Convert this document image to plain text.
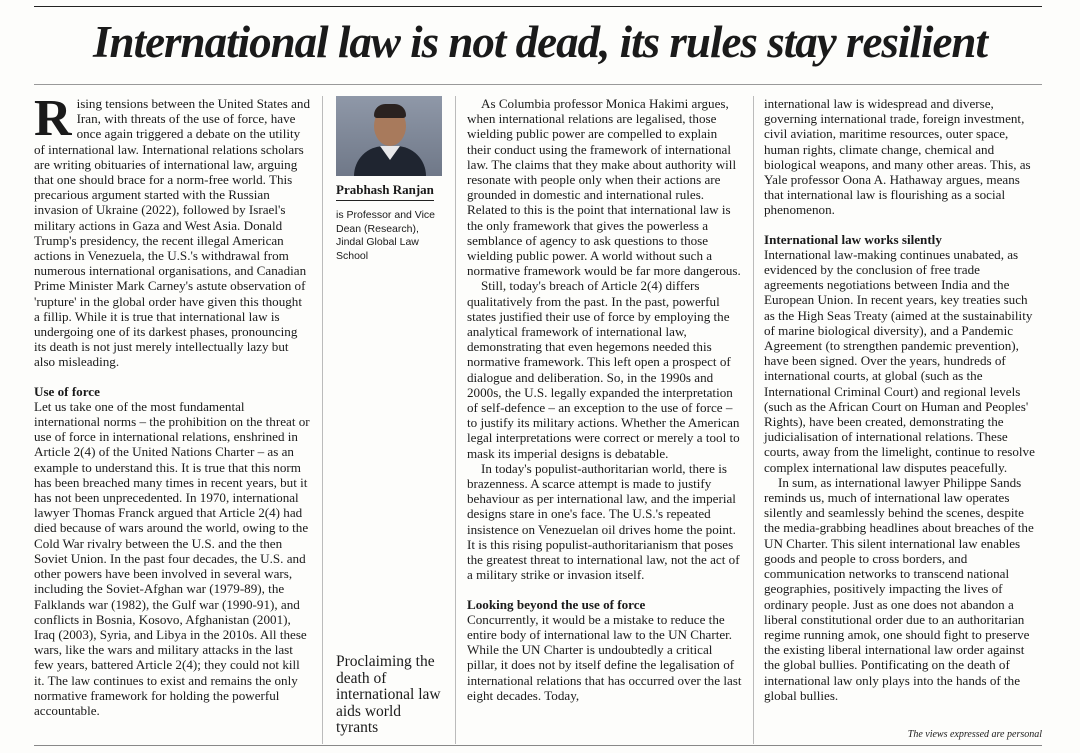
International law is not dead, its rules stay resilient

Rising tensions between the United States and Iran, with threats of the use of force, have once again triggered a debate on the utility of international law. International relations scholars are writing obituaries of international law, arguing that one should brace for a norm-free world. This precarious argument started with the Russian invasion of Ukraine (2022), followed by Israel's military actions in Gaza and West Asia. Donald Trump's presidency, the recent illegal American actions in Venezuela, the U.S.'s withdrawal from numerous international organisations, and Canadian Prime Minister Mark Carney's astute observation of 'rupture' in the global order have given this thought a fillip. While it is true that international law is undergoing one of its darkest phases, pronouncing its death is not just merely intellectually lazy but also misleading.

Use of force

Let us take one of the most fundamental international norms – the prohibition on the threat or use of force in international relations, enshrined in Article 2(4) of the United Nations Charter – as an example to understand this. It is true that this norm has been breached many times in recent years, but it has not been unprecedented. In 1970, international lawyer Thomas Franck argued that Article 2(4) had died because of wars around the world, owing to the Cold War rivalry between the U.S. and the then Soviet Union. In the past four decades, the U.S. and other powers have been involved in several wars, including the Soviet-Afghan war (1979-89), the Falklands war (1982), the Gulf war (1990-91), and conflicts in Bosnia, Kosovo, Afghanistan (2001), Iraq (2003), Syria, and Libya in the 2010s. All these wars, like the wars and military attacks in the last few years, battered Article 2(4); they could not kill it. The law continues to exist and remains the only normative framework for holding the powerful accountable.

Prabhash Ranjan
is Professor and Vice Dean (Research), Jindal Global Law School
Proclaiming the death of international law aids world tyrants

As Columbia professor Monica Hakimi argues, when international relations are legalised, those wielding public power are compelled to explain their conduct using the framework of international law. The claims that they make about authority will resonate with people only when their actions are grounded in domestic and international rules. Related to this is the point that international law is the only framework that gives the powerless a semblance of agency to ask questions to those wielding public power. A world without such a normative framework would be far more dangerous.

Still, today's breach of Article 2(4) differs qualitatively from the past. In the past, powerful states justified their use of force by employing the analytical framework of international law, demonstrating that even hegemons needed this normative framework. This left open a prospect of dialogue and deliberation. So, in the 1990s and 2000s, the U.S. legally expanded the interpretation of self-defence – an exception to the use of force – to justify its military actions. Whether the American legal interpretations were correct or merely a tool to mask its imperial designs is debatable.

In today's populist-authoritarian world, there is brazenness. A scarce attempt is made to justify behaviour as per international law, and the imperial designs stare in one's face. The U.S.'s repeated insistence on Venezuelan oil drives home the point. It is this rising populist-authoritarianism that poses the greatest threat to international law, not the act of a military strike or invasion itself.

Looking beyond the use of force

Concurrently, it would be a mistake to reduce the entire body of international law to the UN Charter. While the UN Charter is undoubtedly a critical pillar, it does not by itself define the legalisation of international relations that has occurred over the last eight decades. Today,

international law is widespread and diverse, governing international trade, foreign investment, civil aviation, maritime resources, outer space, human rights, climate change, chemical and biological weapons, and many other areas. This, as Yale professor Oona A. Hathaway argues, means that international law is flourishing as a social phenomenon.

International law works silently

International law-making continues unabated, as evidenced by the conclusion of free trade agreements negotiations between India and the European Union. In recent years, key treaties such as the High Seas Treaty (aimed at the sustainability of marine biological diversity), and a Pandemic Agreement (to strengthen pandemic prevention), have been signed. Over the years, hundreds of international courts, at global (such as the International Criminal Court) and regional levels (such as the African Court on Human and Peoples' Rights), have been created, demonstrating the judicialisation of international relations. These courts, away from the limelight, continue to resolve complex international law disputes peacefully.

In sum, as international lawyer Philippe Sands reminds us, much of international law operates silently and seamlessly behind the scenes, despite the media-grabbing headlines about breaches of the UN Charter. This silent international law enables goods and people to cross borders, and communication networks to transcend national geographies, positively impacting the lives of ordinary people. Just as one does not abandon a liberal constitutional order due to an authoritarian regime running amok, one should fight to preserve the existing liberal international law order against the global bullies. Pontificating on the death of international law only plays into the hands of the global bullies.

The views expressed are personal
